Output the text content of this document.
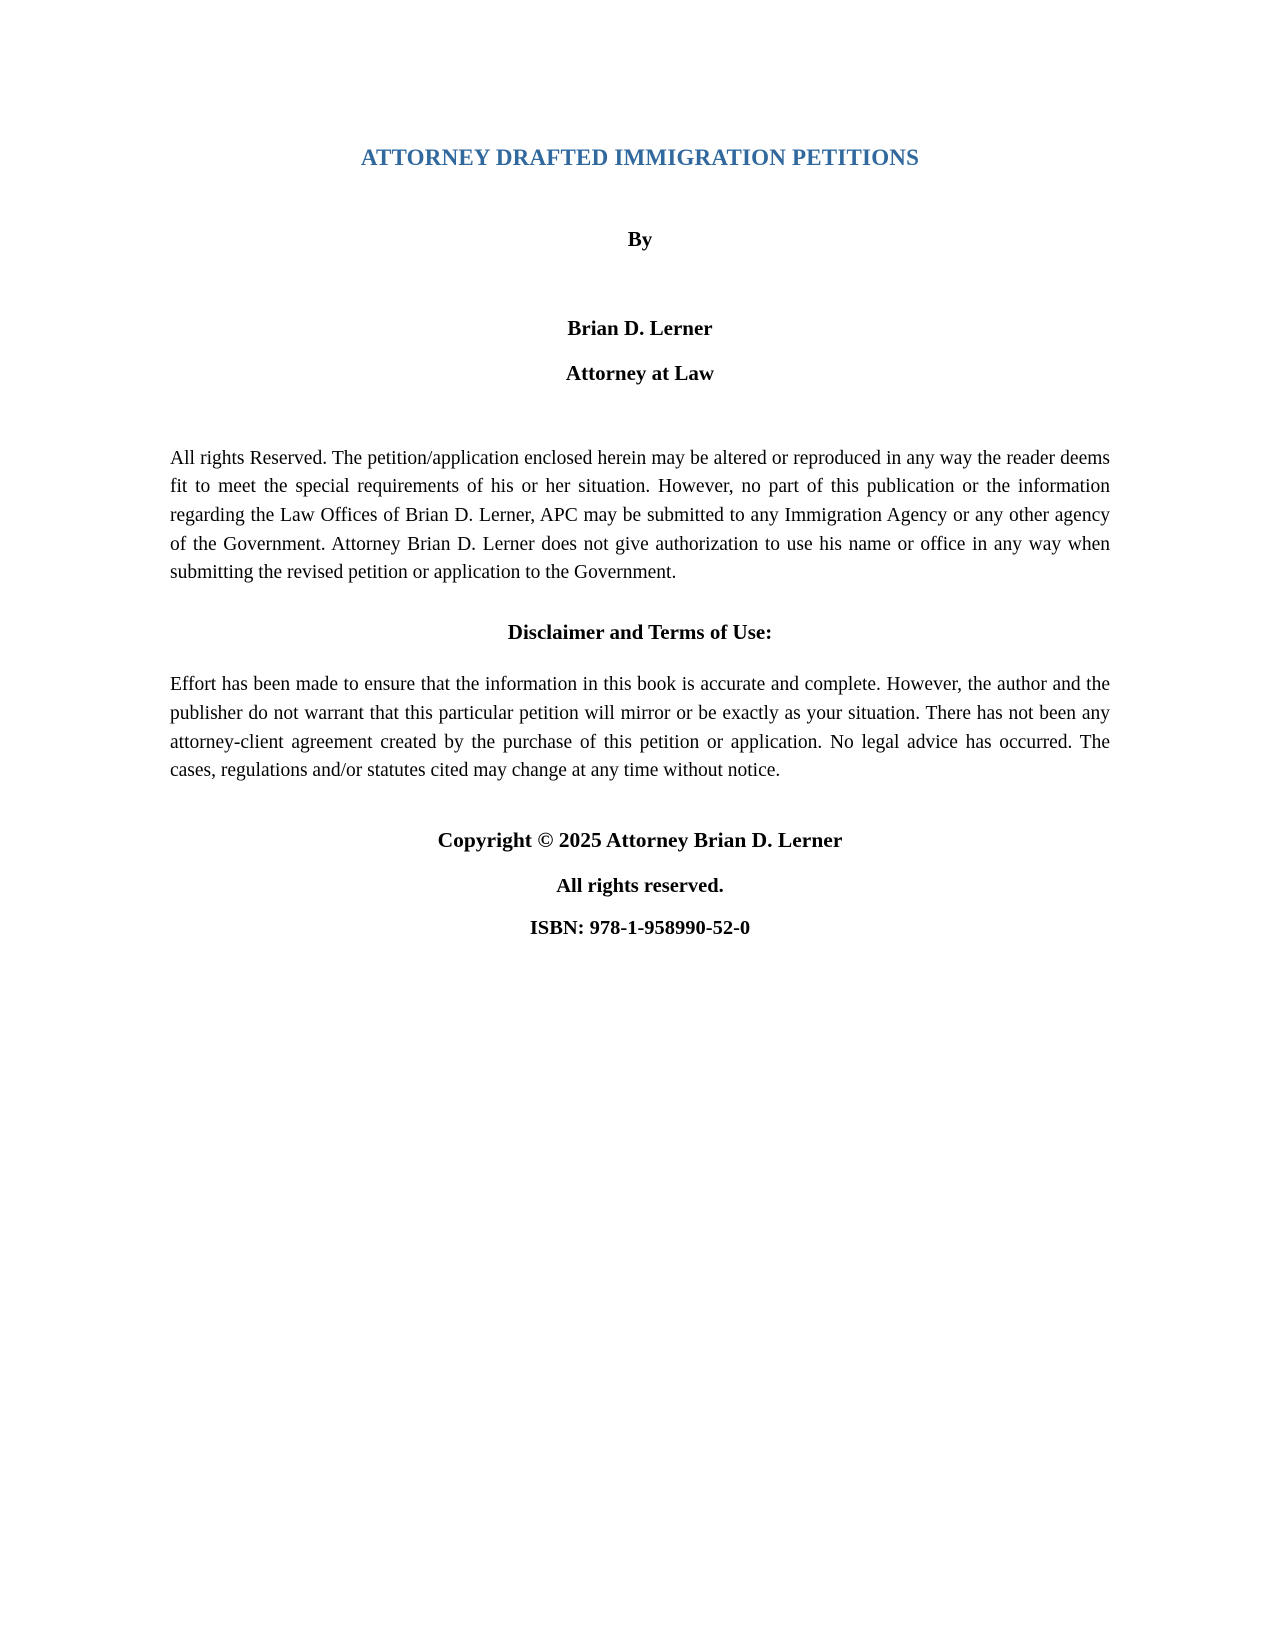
ATTORNEY DRAFTED IMMIGRATION PETITIONS

By

Brian D. Lerner

Attorney at Law

All rights Reserved. The petition/application enclosed herein may be altered or reproduced in any way the reader deems fit to meet the special requirements of his or her situation. However, no part of this publication or the information regarding the Law Offices of Brian D. Lerner, APC may be submitted to any Immigration Agency or any other agency of the Government. Attorney Brian D. Lerner does not give authorization to use his name or office in any way when submitting the revised petition or application to the Government.

Disclaimer and Terms of Use:

Effort has been made to ensure that the information in this book is accurate and complete. However, the author and the publisher do not warrant that this particular petition will mirror or be exactly as your situation. There has not been any attorney-client agreement created by the purchase of this petition or application. No legal advice has occurred. The cases, regulations and/or statutes cited may change at any time without notice.

Copyright © 2025 Attorney Brian D. Lerner

All rights reserved.

ISBN: 978-1-958990-52-0
